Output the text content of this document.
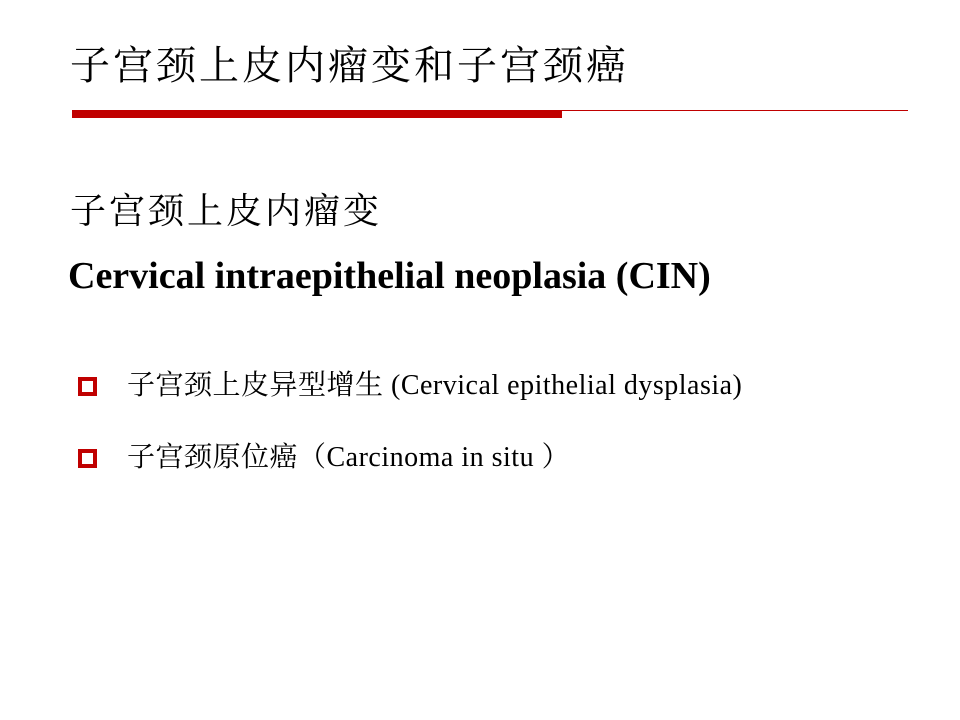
子宫颈上皮内瘤变和子宫颈癌
子宫颈上皮内瘤变
Cervical intraepithelial neoplasia (CIN)
子宫颈上皮异型增生 (Cervical epithelial dysplasia)
子宫颈原位癌（Carcinoma in situ ）
